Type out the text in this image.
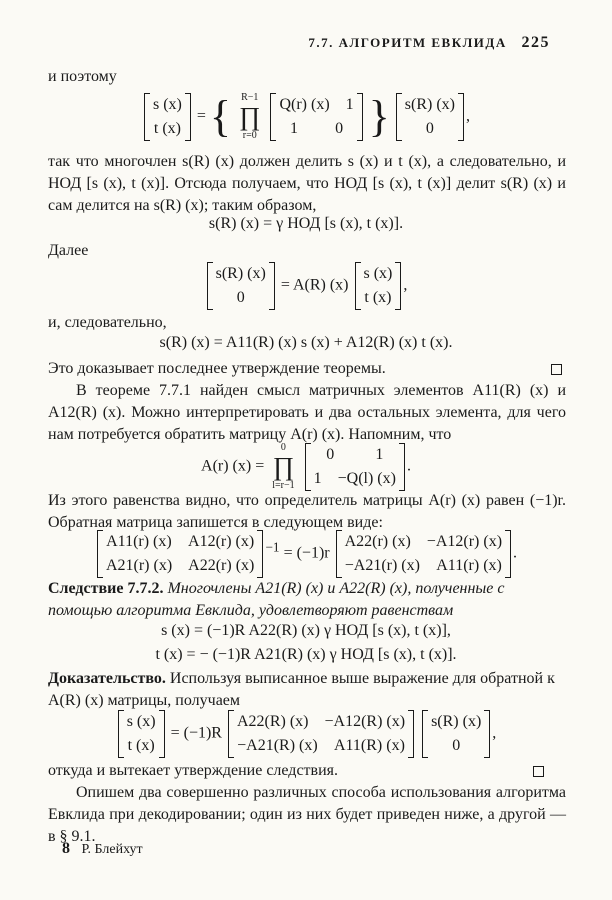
7.7. АЛГОРИТМ ЕВКЛИДА 225
и поэтому
s (x)
t (x)
= { R−1
∏
r=0
Q(r) (x) 1
1 0 } s(R) (x)
0
,
так что многочлен s(R) (x) должен делить s (x) и t (x), а следовательно, и НОД [s (x), t (x)]. Отсюда получаем, что НОД [s (x), t (x)] делит s(R) (x) и сам делится на s(R) (x); таким образом,
s(R) (x) = γ НОД [s (x), t (x)].
Далее
s(R) (x)
0
= A(R) (x)
s (x)
t (x)
,
и, следовательно,
s(R) (x) = A11(R) (x) s (x) + A12(R) (x) t (x).
Это доказывает последнее утверждение теоремы.
В теореме 7.7.1 найден смысл матричных элементов A11(R) (x) и A12(R) (x). Можно интерпретировать и два остальных элемента, для чего нам потребуется обратить матрицу A(r) (x). Напомним, что
A(r) (x) = 0
∏
l=r−1
0	1
1 −Q(l) (x)
.
Из этого равенства видно, что определитель матрицы A(r) (x) равен (−1)r. Обратная матрица запишется в следующем виде:
A11(r) (x) A12(r) (x)
A21(r) (x) A22(r) (x)
$^{-1}$ = (−1)r
A22(r) (x) −A12(r) (x)
−A21(r) (x) A11(r) (x)
.
Следствие 7.7.2. Многочлены A21(R) (x) и A22(R) (x), полученные с помощью алгоритма Евклида, удовлетворяют равенствам
s (x) = (−1)R A22(R) (x) γ НОД [s (x), t (x)],
t (x) = − (−1)R A21(R) (x) γ НОД [s (x), t (x)].
Доказательство. Используя выписанное выше выражение для обратной к A(R) (x) матрицы, получаем
s (x)
t (x)
= (−1)R
A22(R) (x) −A12(R) (x)
−A21(R) (x) A11(R) (x)

s(R) (x)
0
,
откуда и вытекает утверждение следствия.
Опишем два совершенно различных способа использования алгоритма Евклида при декодировании; один из них будет приведен ниже, а другой — в § 9.1.
8 Р. Блейхут
